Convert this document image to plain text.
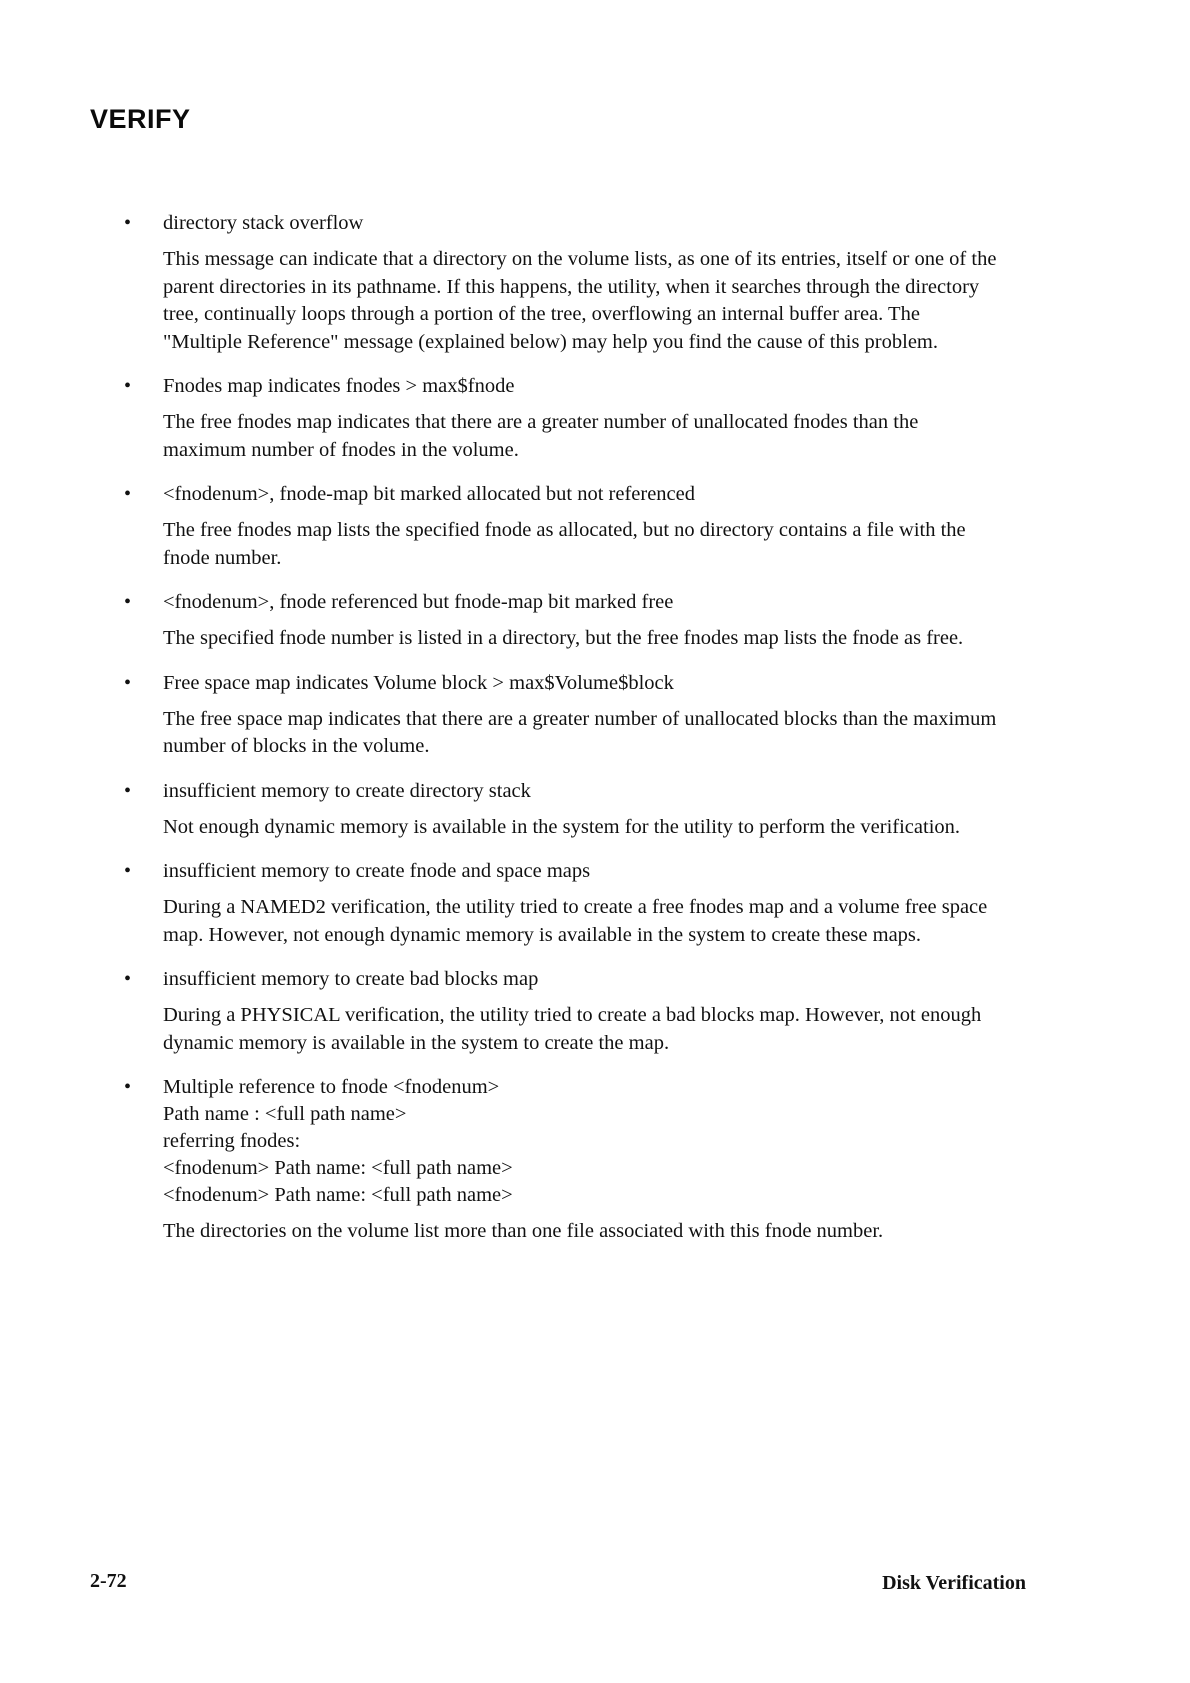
VERIFY
• directory stack overflow

This message can indicate that a directory on the volume lists, as one of its entries, itself or one of the parent directories in its pathname. If this happens, the utility, when it searches through the directory tree, continually loops through a portion of the tree, overflowing an internal buffer area. The "Multiple Reference" message (explained below) may help you find the cause of this problem.

• Fnodes map indicates fnodes > max$fnode

The free fnodes map indicates that there are a greater number of unallocated fnodes than the maximum number of fnodes in the volume.

• <fnodenum>, fnode-map bit marked allocated but not referenced

The free fnodes map lists the specified fnode as allocated, but no directory contains a file with the fnode number.

• <fnodenum>, fnode referenced but fnode-map bit marked free

The specified fnode number is listed in a directory, but the free fnodes map lists the fnode as free.

• Free space map indicates Volume block > max$Volume$block

The free space map indicates that there are a greater number of unallocated blocks than the maximum number of blocks in the volume.

• insufficient memory to create directory stack

Not enough dynamic memory is available in the system for the utility to perform the verification.

• insufficient memory to create fnode and space maps

During a NAMED2 verification, the utility tried to create a free fnodes map and a volume free space map. However, not enough dynamic memory is available in the system to create these maps.

• insufficient memory to create bad blocks map

During a PHYSICAL verification, the utility tried to create a bad blocks map. However, not enough dynamic memory is available in the system to create the map.

• Multiple reference to fnode <fnodenum>
Path name : <full path name>
referring fnodes:
<fnodenum> Path name: <full path name>
<fnodenum> Path name: <full path name>

The directories on the volume list more than one file associated with this fnode number.

2-72	Disk Verification
